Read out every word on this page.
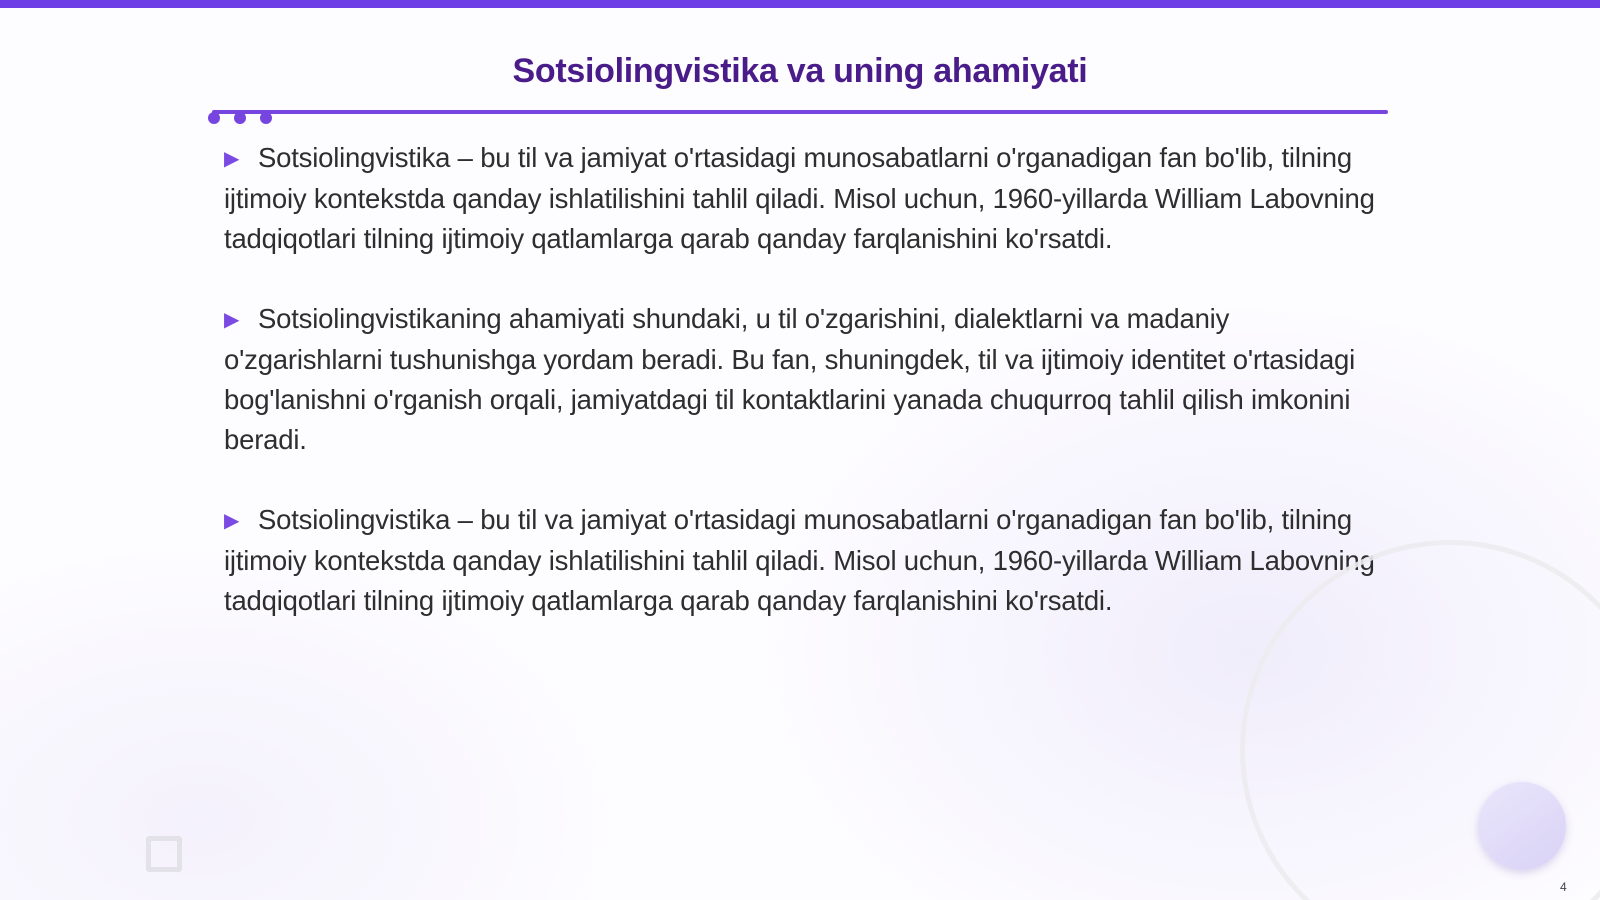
Sotsiolingvistika va uning ahamiyati

▶ Sotsiolingvistika – bu til va jamiyat o'rtasidagi munosabatlarni o'rganadigan fan bo'lib, tilning ijtimoiy kontekstda qanday ishlatilishini tahlil qiladi. Misol uchun, 1960-yillarda William Labovning tadqiqotlari tilning ijtimoiy qatlamlarga qarab qanday farqlanishini ko'rsatdi.

▶ Sotsiolingvistikaning ahamiyati shundaki, u til o'zgarishini, dialektlarni va madaniy o'zgarishlarni tushunishga yordam beradi. Bu fan, shuningdek, til va ijtimoiy identitet o'rtasidagi bog'lanishni o'rganish orqali, jamiyatdagi til kontaktlarini yanada chuqurroq tahlil qilish imkonini beradi.

▶ Sotsiolingvistika – bu til va jamiyat o'rtasidagi munosabatlarni o'rganadigan fan bo'lib, tilning ijtimoiy kontekstda qanday ishlatilishini tahlil qiladi. Misol uchun, 1960-yillarda William Labovning tadqiqotlari tilning ijtimoiy qatlamlarga qarab qanday farqlanishini ko'rsatdi.

4
